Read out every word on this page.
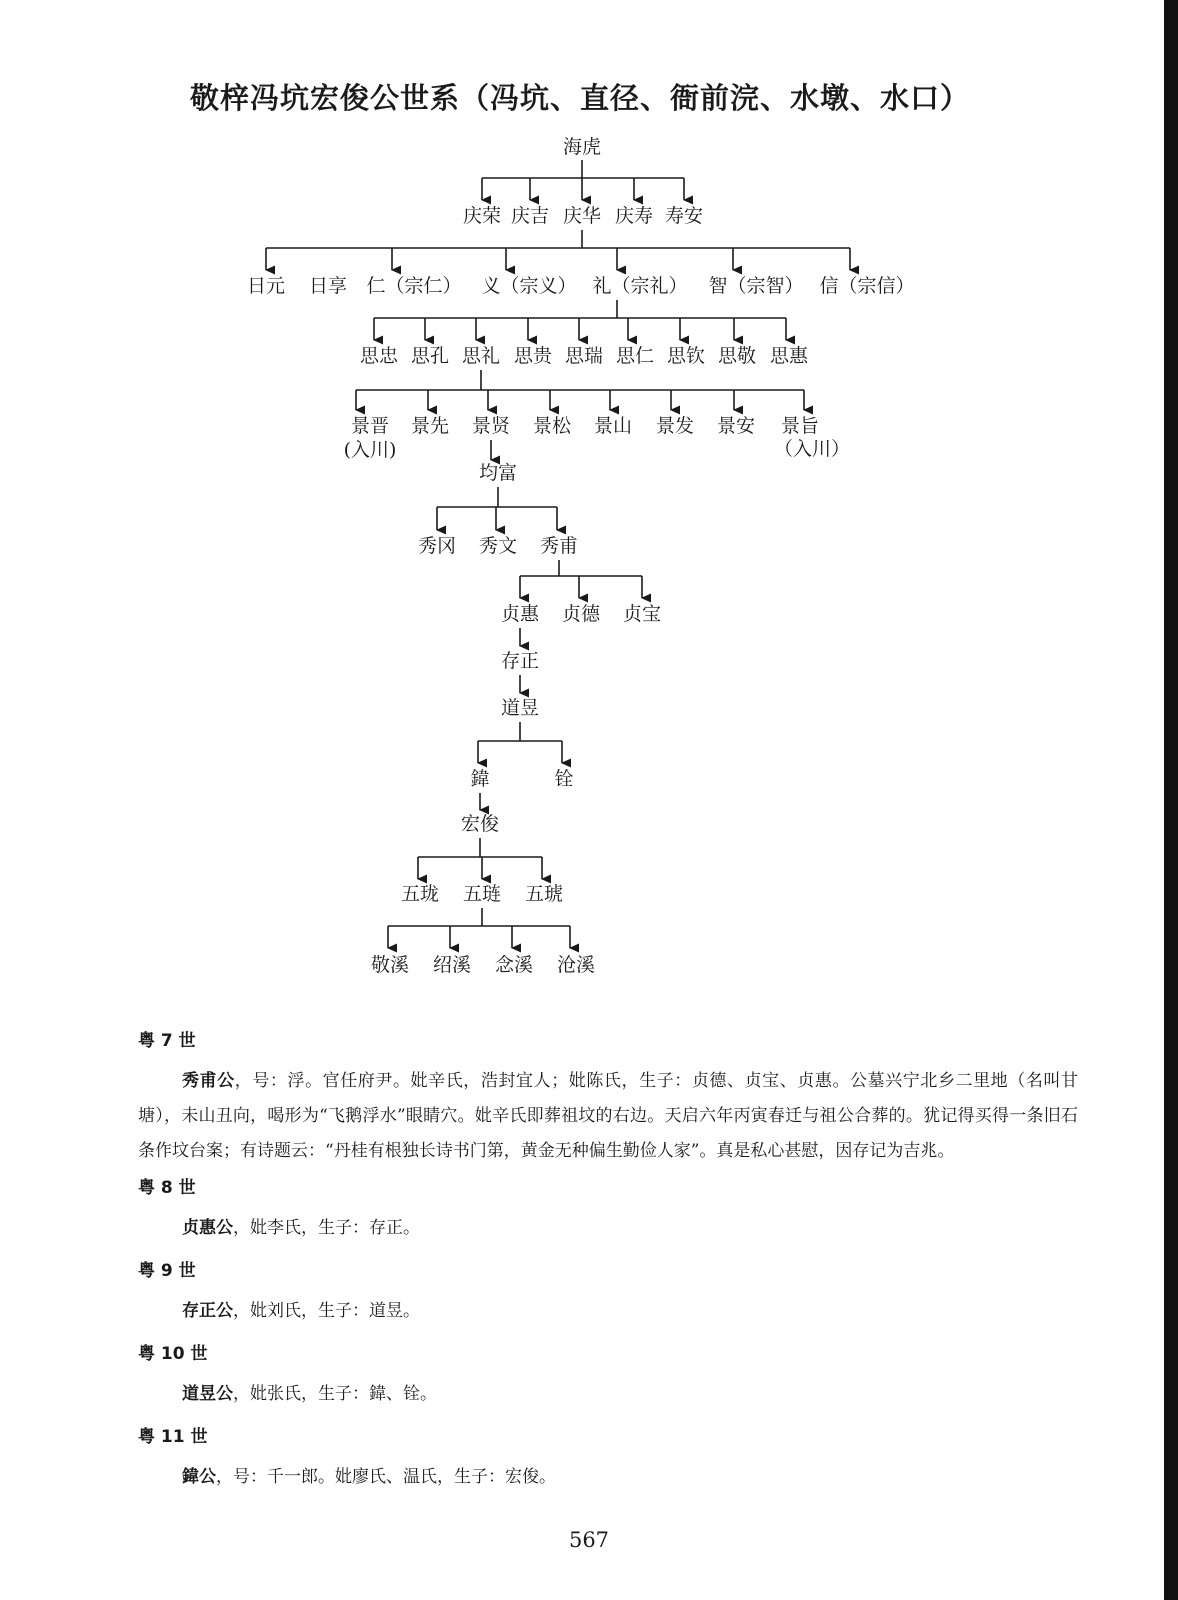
敬梓冯坑宏俊公世系（冯坑、直径、衙前浣、水墩、水口）
海虎
庆荣 庆吉 庆华 庆寿 寿安
日元 日享 仁（宗仁） 义（宗义） 礼（宗礼） 智（宗智） 信（宗信）
思忠 思孔 思礼 思贵 思瑞 思仁 思钦 思敬 思惠
景晋 景先 景贤 景松 景山 景发 景安 景旨
均富
秀冈 秀文 秀甫
贞惠 贞德 贞宝
存正
道昱
鍏	铨
宏俊
五珑 五琏 五琥
敬溪 绍溪 念溪 沧溪
(入川)	（入川）
粤 7 世

秀甫公，号：浮。官任府尹。妣辛氏，浩封宜人；妣陈氏，生子：贞德、贞宝、贞惠。公墓兴宁北乡二里地（名叫甘塘），未山丑向，喝形为“飞鹅浮水”眼睛穴。妣辛氏即葬祖坟的右边。天启六年丙寅春迁与祖公合葬的。犹记得买得一条旧石条作坟台案；有诗题云：“丹桂有根独长诗书门第，黄金无种偏生勤俭人家”。真是私心甚慰，因存记为吉兆。

粤 8 世

贞惠公，妣李氏，生子：存正。

粤 9 世

存正公，妣刘氏，生子：道昱。

粤 10 世

道昱公，妣张氏，生子：鍏、铨。

粤 11 世

鍏公，号：千一郎。妣廖氏、温氏，生子：宏俊。

567
